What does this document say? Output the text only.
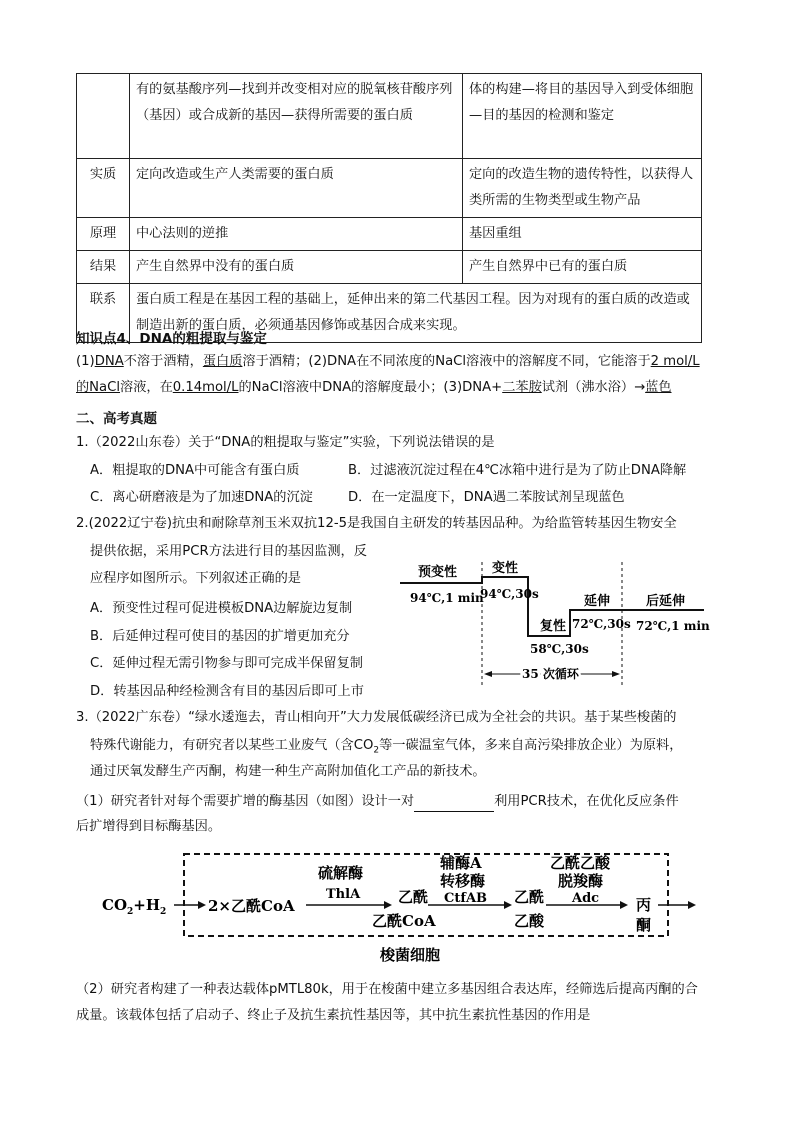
	有的氨基酸序列—找到并改变相对应的脱氧核苷酸序列（基因）或合成新的基因—获得所需要的蛋白质	体的构建—将目的基因导入到受体细胞—目的基因的检测和鉴定
实质	定向改造或生产人类需要的蛋白质	定向的改造生物的遗传特性，以获得人类所需的生物类型或生物产品
原理	中心法则的逆推	基因重组
结果	产生自然界中没有的蛋白质	产生自然界中已有的蛋白质
联系	蛋白质工程是在基因工程的基础上，延伸出来的第二代基因工程。因为对现有的蛋白质的改造或制造出新的蛋白质，必须通基因修饰或基因合成来实现。	
知识点4、DNA的粗提取与鉴定
(1)DNA不溶于酒精，蛋白质溶于酒精；(2)DNA在不同浓度的NaCl溶液中的溶解度不同，它能溶于2 mol/L
的NaCl溶液，在0.14mol/L的NaCl溶液中DNA的溶解度最小；(3)DNA+二苯胺试剂（沸水浴）→蓝色
二、高考真题
1.（2022山东卷）关于“DNA的粗提取与鉴定”实验，下列说法错误的是
A．粗提取的DNA中可能含有蛋白质	B．过滤液沉淀过程在4℃冰箱中进行是为了防止DNA降解
C．离心研磨液是为了加速DNA的沉淀	D．在一定温度下，DNA遇二苯胺试剂呈现蓝色
2.(2022辽宁卷)抗虫和耐除草剂玉米双抗12-5是我国自主研发的转基因品种。为给监管转基因生物安全
提供依据，采用PCR方法进行目的基因监测，反
应程序如图所示。下列叙述正确的是
A．预变性过程可促进模板DNA边解旋边复制
B．后延伸过程可使目的基因的扩增更加充分
C．延伸过程无需引物参与即可完成半保留复制
D．转基因品种经检测含有目的基因后即可上市
预变性
94℃,1 min
变性
94℃,30s
复性
58℃,30s
延伸
72℃,30s
后延伸
72℃,1 min
35 次循环
3.（2022广东卷）“绿水逶迤去，青山相向开”大力发展低碳经济已成为全社会的共识。基于某些梭菌的
特殊代谢能力，有研究者以某些工业废气（含$CO_2$等一碳温室气体，多来自高污染排放企业）为原料，
通过厌氧发酵生产丙酮，构建一种生产高附加值化工产品的新技术。
（1）研究者针对每个需要扩增的酶基因（如图）设计一对	利用PCR技术，在优化反应条件
后扩增得到目标酶基因。
$CO_2+H_2$	2×乙酰CoA
硫解酶
ThlA	乙酰
乙酰CoA
辅酶A
转移酶
CtfAB 乙酰
乙酸
乙酰乙酸
脱羧酶
Adc 丙
酮
梭菌细胞
（2）研究者构建了一种表达载体pMTL80k，用于在梭菌中建立多基因组合表达库，经筛选后提高丙酮的合
成量。该载体包括了启动子、终止子及抗生素抗性基因等，其中抗生素抗性基因的作用是
